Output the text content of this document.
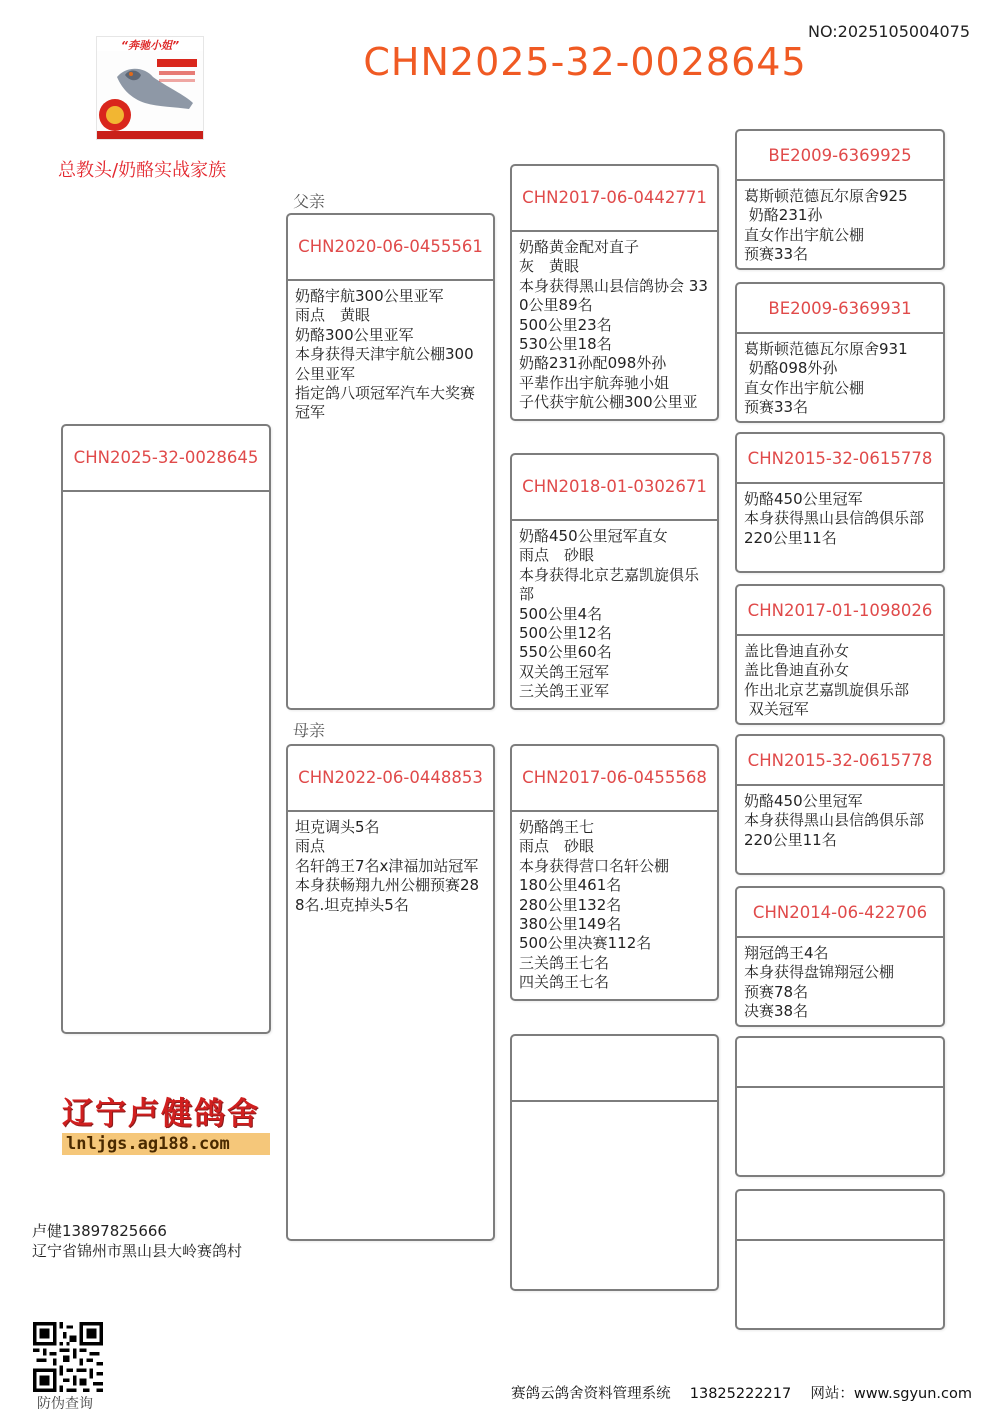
NO:2025105004075
CHN2025-32-0028645
“奔驰小姐”
总教头/奶酪实战家族
父亲
母亲
CHN2025-32-0028645
CHN2020-06-0455561
奶酪宇航300公里亚军
雨点　黄眼
奶酪300公里亚军
本身获得天津宇航公棚300公里亚军
指定鸽八项冠军汽车大奖赛冠军
CHN2022-06-0448853
坦克调头5名
雨点
名轩鸽王7名x津福加站冠军
本身获畅翔九州公棚预赛288名.坦克掉头5名
CHN2017-06-0442771
奶酪黄金配对直子
灰　黄眼
本身获得黑山县信鸽协会 330公里89名
500公里23名
530公里18名
奶酪231孙配098外孙
平辈作出宇航奔驰小姐
子代获宇航公棚300公里亚
CHN2018-01-0302671
奶酪450公里冠军直女
雨点　砂眼
本身获得北京艺嘉凯旋俱乐部
500公里4名
500公里12名
550公里60名
双关鸽王冠军
三关鸽王亚军
CHN2017-06-0455568
奶酪鸽王七
雨点　砂眼
本身获得营口名轩公棚
180公里461名
280公里132名
380公里149名
500公里决赛112名
三关鸽王七名
四关鸽王七名
BE2009-6369925
葛斯顿范德瓦尔原舍925
奶酪231孙
直女作出宇航公棚
预赛33名
BE2009-6369931
葛斯顿范德瓦尔原舍931
奶酪098外孙
直女作出宇航公棚
预赛33名
CHN2015-32-0615778
奶酪450公里冠军
本身获得黑山县信鸽俱乐部
220公里11名
CHN2017-01-1098026
盖比鲁迪直孙女
盖比鲁迪直孙女
作出北京艺嘉凯旋俱乐部
双关冠军
CHN2015-32-0615778
奶酪450公里冠军
本身获得黑山县信鸽俱乐部
220公里11名
CHN2014-06-422706
翔冠鸽王4名
本身获得盘锦翔冠公棚
预赛78名
决赛38名
辽宁卢健鸽舍
lnljgs.ag188.com
卢健13897825666
辽宁省锦州市黑山县大岭赛鸽村
防伪查询
赛鸽云鸽舍资料管理系统　 13825222217　 网站：www.sgyun.com
